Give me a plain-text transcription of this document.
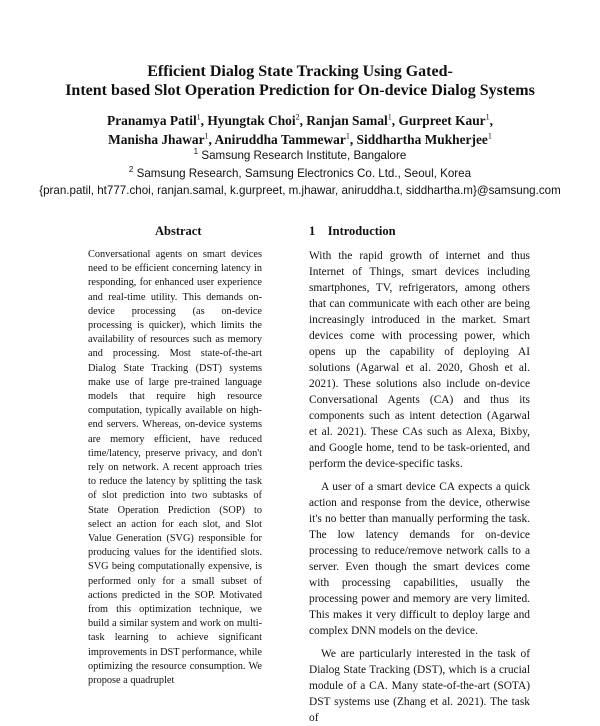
Efficient Dialog State Tracking Using Gated-
Intent based Slot Operation Prediction for On-device Dialog Systems
Pranamya Patil$^1$, Hyungtak Choi$^2$, Ranjan Samal$^1$, Gurpreet Kaur$^1$,
Manisha Jhawar$^1$, Aniruddha Tammewar$^1$, Siddhartha Mukherjee$^1$
$^1$ Samsung Research Institute, Bangalore
$^2$ Samsung Research, Samsung Electronics Co. Ltd., Seoul, Korea
{pran.patil, ht777.choi, ranjan.samal, k.gurpreet, m.jhawar, aniruddha.t, siddhartha.m}@samsung.com
Abstract	1 Introduction

Conversational agents on smart devices need to be efficient concerning latency in responding, for enhanced user experience and real-time utility. This demands on-device processing (as on-device processing is quicker), which limits the availability of resources such as memory and processing. Most state-of-the-art Dialog State Tracking (DST) systems make use of large pre-trained language models that require high resource computation, typically available on high-end servers. Whereas, on-device systems are memory efficient, have reduced time/latency, preserve privacy, and don't rely on network. A recent approach tries to reduce the latency by splitting the task of slot prediction into two subtasks of State Operation Prediction (SOP) to select an action for each slot, and Slot Value Generation (SVG) responsible for producing values for the identified slots. SVG being computationally expensive, is performed only for a small subset of actions predicted in the SOP. Motivated from this optimization technique, we build a similar system and work on multi-task learning to achieve significant improvements in DST performance, while optimizing the resource consumption. We propose a quadruplet

With the rapid growth of internet and thus Internet of Things, smart devices including smartphones, TV, refrigerators, among others that can communicate with each other are being increasingly introduced in the market. Smart devices come with processing power, which opens up the capability of deploying AI solutions (Agarwal et al. 2020, Ghosh et al. 2021). These solutions also include on-device Conversational Agents (CA) and thus its components such as intent detection (Agarwal et al. 2021). These CAs such as Alexa, Bixby, and Google home, tend to be task-oriented, and perform the device-specific tasks.

A user of a smart device CA expects a quick action and response from the device, otherwise it's no better than manually performing the task. The low latency demands for on-device processing to reduce/remove network calls to a server. Even though the smart devices come with processing capabilities, usually the processing power and memory are very limited. This makes it very difficult to deploy large and complex DNN models on the device.

We are particularly interested in the task of Dialog State Tracking (DST), which is a crucial module of a CA. Many state-of-the-art (SOTA) DST systems use (Zhang et al. 2021). The task of
